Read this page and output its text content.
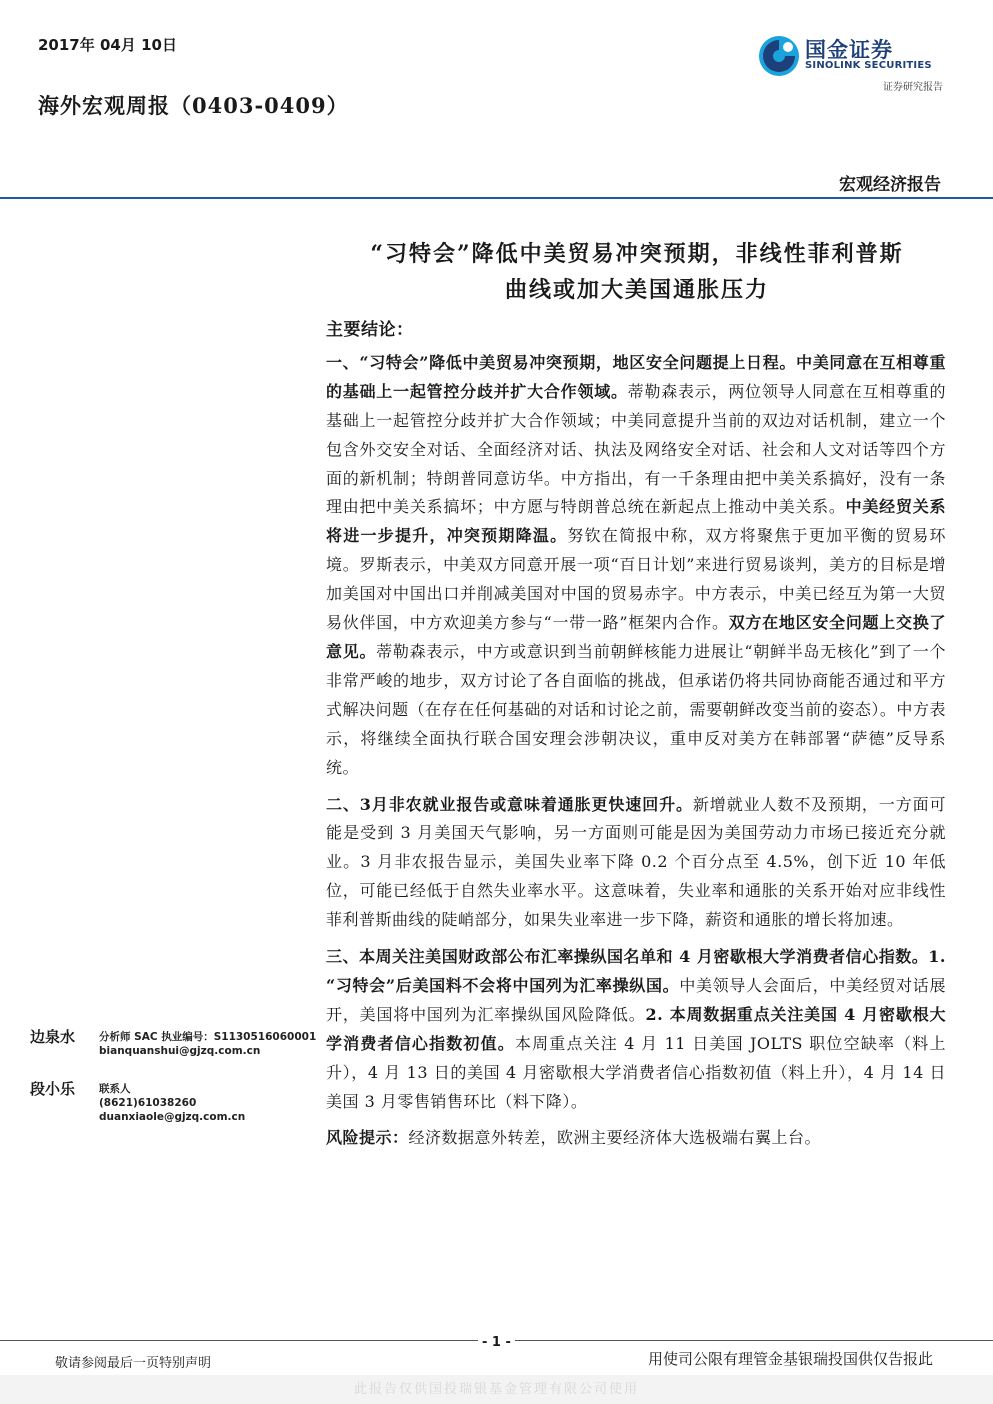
2017年 04月 10日
海外宏观周报（0403-0409）
国金证券
SINOLINK SECURITIES
证券研究报告
宏观经济报告
“习特会”降低中美贸易冲突预期，非线性菲利普斯
曲线或加大美国通胀压力

主要结论：

一、“习特会”降低中美贸易冲突预期，地区安全问题提上日程。中美同意在互相尊重的基础上一起管控分歧并扩大合作领域。蒂勒森表示，两位领导人同意在互相尊重的基础上一起管控分歧并扩大合作领域；中美同意提升当前的双边对话机制，建立一个包含外交安全对话、全面经济对话、执法及网络安全对话、社会和人文对话等四个方面的新机制；特朗普同意访华。中方指出，有一千条理由把中美关系搞好，没有一条理由把中美关系搞坏；中方愿与特朗普总统在新起点上推动中美关系。中美经贸关系将进一步提升，冲突预期降温。努钦在简报中称，双方将聚焦于更加平衡的贸易环境。罗斯表示，中美双方同意开展一项“百日计划”来进行贸易谈判，美方的目标是增加美国对中国出口并削减美国对中国的贸易赤字。中方表示，中美已经互为第一大贸易伙伴国，中方欢迎美方参与“一带一路”框架内合作。双方在地区安全问题上交换了意见。蒂勒森表示，中方或意识到当前朝鲜核能力进展让“朝鲜半岛无核化”到了一个非常严峻的地步，双方讨论了各自面临的挑战，但承诺仍将共同协商能否通过和平方式解决问题（在存在任何基础的对话和讨论之前，需要朝鲜改变当前的姿态）。中方表示，将继续全面执行联合国安理会涉朝决议，重申反对美方在韩部署“萨德”反导系统。

二、3月非农就业报告或意味着通胀更快速回升。新增就业人数不及预期，一方面可能是受到 3 月美国天气影响，另一方面则可能是因为美国劳动力市场已接近充分就业。3 月非农报告显示，美国失业率下降 0.2 个百分点至 4.5%，创下近 10 年低位，可能已经低于自然失业率水平。这意味着，失业率和通胀的关系开始对应非线性菲利普斯曲线的陡峭部分，如果失业率进一步下降，薪资和通胀的增长将加速。

三、本周关注美国财政部公布汇率操纵国名单和 4 月密歇根大学消费者信心指数。1. “习特会”后美国料不会将中国列为汇率操纵国。中美领导人会面后，中美经贸对话展开，美国将中国列为汇率操纵国风险降低。2. 本周数据重点关注美国 4 月密歇根大学消费者信心指数初值。本周重点关注 4 月 11 日美国 JOLTS 职位空缺率（料上升），4 月 13 日的美国 4 月密歇根大学消费者信心指数初值（料上升），4 月 14 日美国 3 月零售销售环比（料下降）。

风险提示：经济数据意外转差，欧洲主要经济体大选极端右翼上台。

边泉水 分析师 SAC 执业编号：S1130516060001
bianquanshui@gjzq.com.cn
段小乐 联系人
(8621)61038260
duanxiaole@gjzq.com.cn
- 1 -
敬请参阅最后一页特别声明	用使司公限有理管金基银瑞投国供仅告报此
此报告仅供国投瑞银基金管理有限公司使用
